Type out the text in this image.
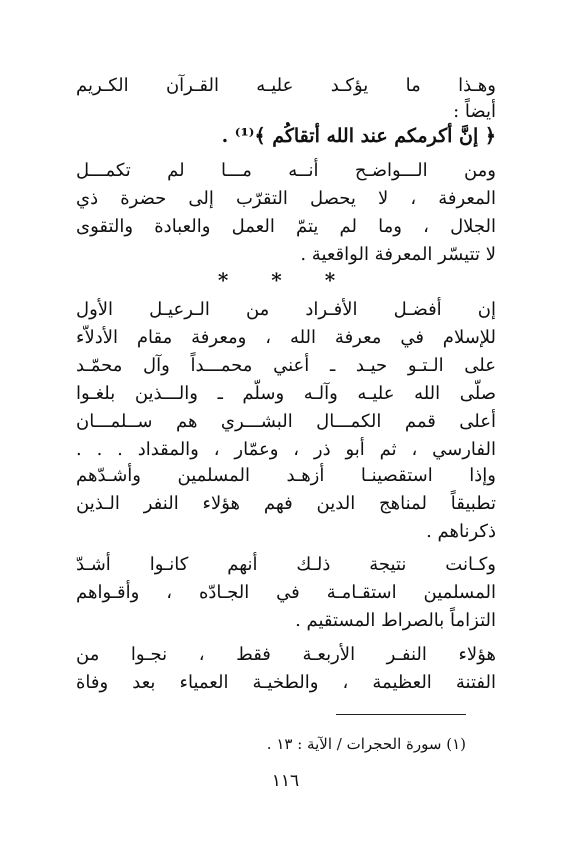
وهـذا ما يؤكـد عليـه القـرآن الكـريم
أيضاً :
﴿ إنَّ أكرمكم عند الله أتقاكُم ﴾⁽¹⁾ .
ومن الـــواضـح أنــه مـــا لم تكمـــل
المعرفة ، لا يحصل التقرّب إلى حضرة ذي
الجلال ، وما لم يتمّ العمل والعبادة والتقوى
لا تتيسّر المعرفة الواقعية .
إن أفضـل الأفـراد من الـرعيـل الأول
للإسلام في معرفة الله ، ومعرفة مقام الأدلاّء
على الـتـو حيـد ـ أعني محمـــداً وآل محمّـد
صلّى الله عليـه وآلـه وسلّم ـ والـــذين بلغـوا
أعلى قمم الكمـــال البشـــري هم ســلمـــان
الفارسي ، ثم أبو ذر ، وعمّار ، والمقداد . . .
وإذا استقصينـا أزهـد المسلمين وأشـدّهم
تطبيقاً لمناهج الدين فهم هؤلاء النفر الـذين
ذكرناهم .
وكـانت نتيجة ذلـك أنهم كانـوا أشـدّ
المسلمين استقـامـة في الجـادّه ، وأقـواهم
التزاماً بالصراط المستقيم .
هؤلاء النفـر الأربعـة فقط ، نجـوا من
الفتنة العظيمة ، والطخيـة العمياء بعد وفاة
* * *
(١) سورة الحجرات / الآية : ١٣ .
١١٦
